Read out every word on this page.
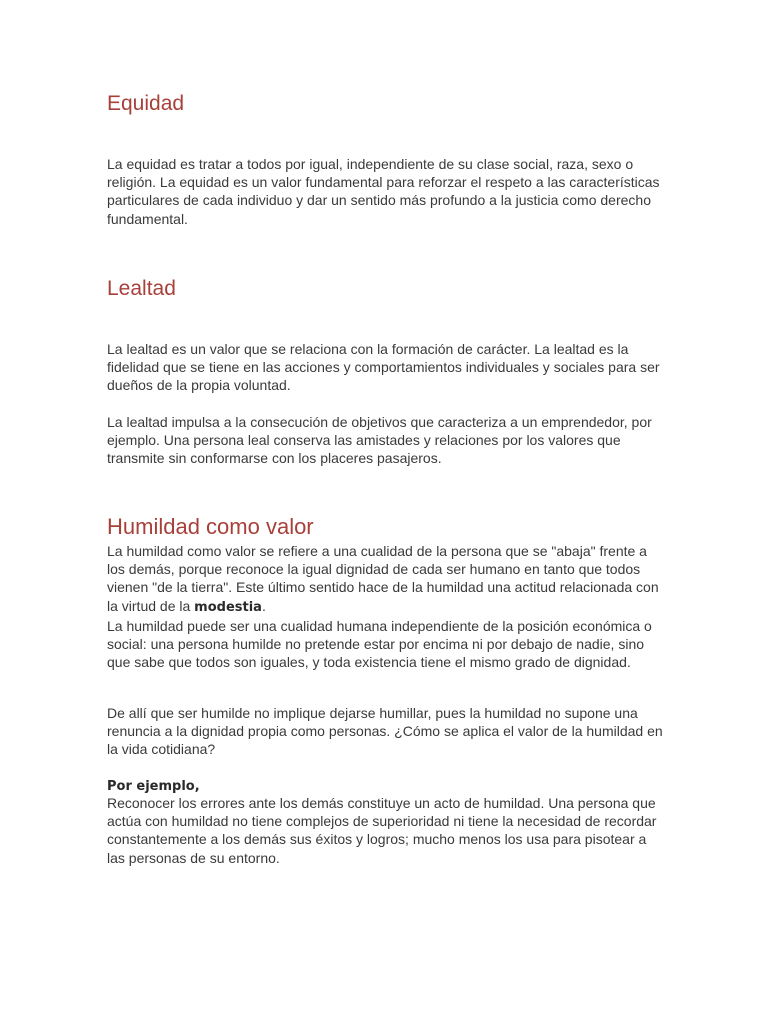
Equidad

La equidad es tratar a todos por igual, independiente de su clase social, raza, sexo o religión. La equidad es un valor fundamental para reforzar el respeto a las características particulares de cada individuo y dar un sentido más profundo a la justicia como derecho fundamental.

Lealtad

La lealtad es un valor que se relaciona con la formación de carácter. La lealtad es la fidelidad que se tiene en las acciones y comportamientos individuales y sociales para ser dueños de la propia voluntad.

La lealtad impulsa a la consecución de objetivos que caracteriza a un emprendedor, por ejemplo. Una persona leal conserva las amistades y relaciones por los valores que transmite sin conformarse con los placeres pasajeros.

Humildad como valor

La humildad como valor se refiere a una cualidad de la persona que se "abaja" frente a los demás, porque reconoce la igual dignidad de cada ser humano en tanto que todos vienen "de la tierra". Este último sentido hace de la humildad una actitud relacionada con la virtud de la modestia.
La humildad puede ser una cualidad humana independiente de la posición económica o social: una persona humilde no pretende estar por encima ni por debajo de nadie, sino que sabe que todos son iguales, y toda existencia tiene el mismo grado de dignidad.

De allí que ser humilde no implique dejarse humillar, pues la humildad no supone una renuncia a la dignidad propia como personas. ¿Cómo se aplica el valor de la humildad en la vida cotidiana?

Por ejemplo,

Reconocer los errores ante los demás constituye un acto de humildad. Una persona que actúa con humildad no tiene complejos de superioridad ni tiene la necesidad de recordar constantemente a los demás sus éxitos y logros; mucho menos los usa para pisotear a las personas de su entorno.
